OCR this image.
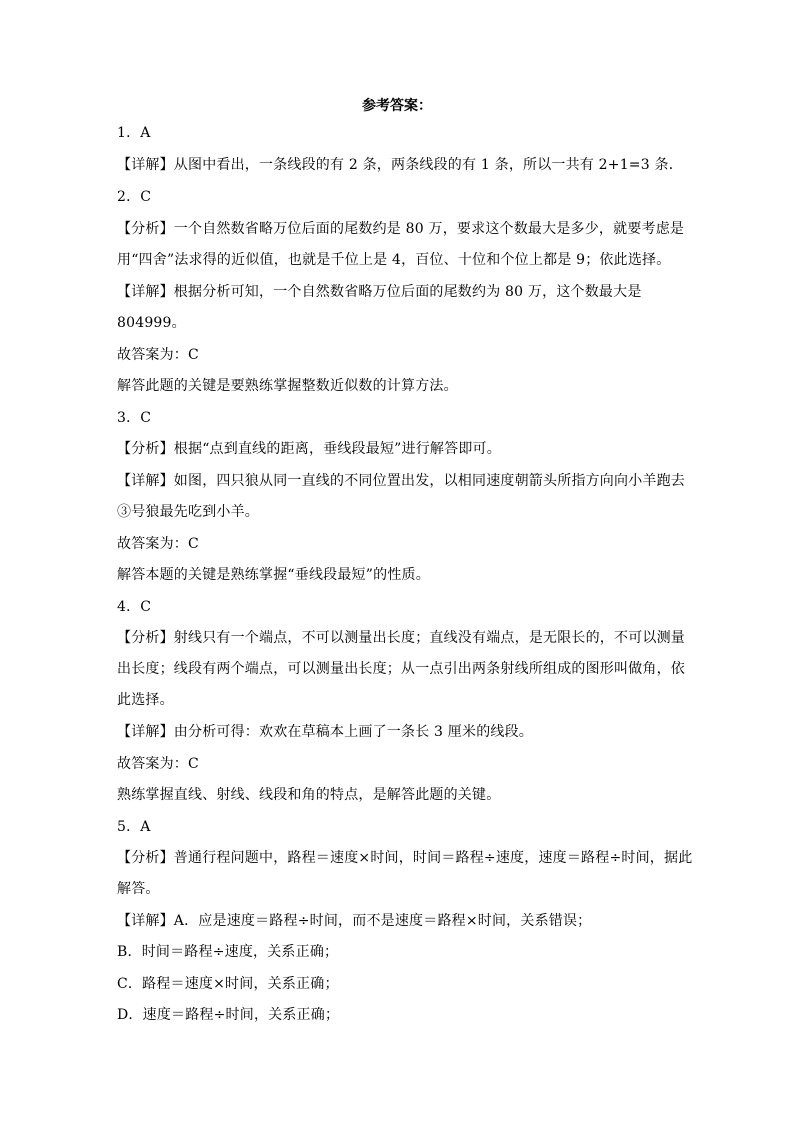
参考答案：
1．A
【详解】从图中看出，一条线段的有 2 条，两条线段的有 1 条，所以一共有 2+1=3 条．
2．C
【分析】一个自然数省略万位后面的尾数约是 80 万，要求这个数最大是多少，就要考虑是
用“四舍”法求得的近似值，也就是千位上是 4，百位、十位和个位上都是 9；依此选择。
【详解】根据分析可知，一个自然数省略万位后面的尾数约为 80 万，这个数最大是
804999。
故答案为：C
解答此题的关键是要熟练掌握整数近似数的计算方法。
3．C
【分析】根据“点到直线的距离，垂线段最短”进行解答即可。
【详解】如图，四只狼从同一直线的不同位置出发，以相同速度朝箭头所指方向向小羊跑去
③号狼最先吃到小羊。
故答案为：C
解答本题的关键是熟练掌握“垂线段最短”的性质。
4．C
【分析】射线只有一个端点，不可以测量出长度；直线没有端点，是无限长的，不可以测量
出长度；线段有两个端点，可以测量出长度；从一点引出两条射线所组成的图形叫做角，依
此选择。
【详解】由分析可得：欢欢在草稿本上画了一条长 3 厘米的线段。
故答案为：C
熟练掌握直线、射线、线段和角的特点，是解答此题的关键。
5．A
【分析】普通行程问题中，路程＝速度×时间，时间＝路程÷速度，速度＝路程÷时间，据此
解答。
【详解】A．应是速度＝路程÷时间，而不是速度＝路程×时间，关系错误；
B．时间＝路程÷速度，关系正确；
C．路程＝速度×时间，关系正确；
D．速度＝路程÷时间，关系正确；
